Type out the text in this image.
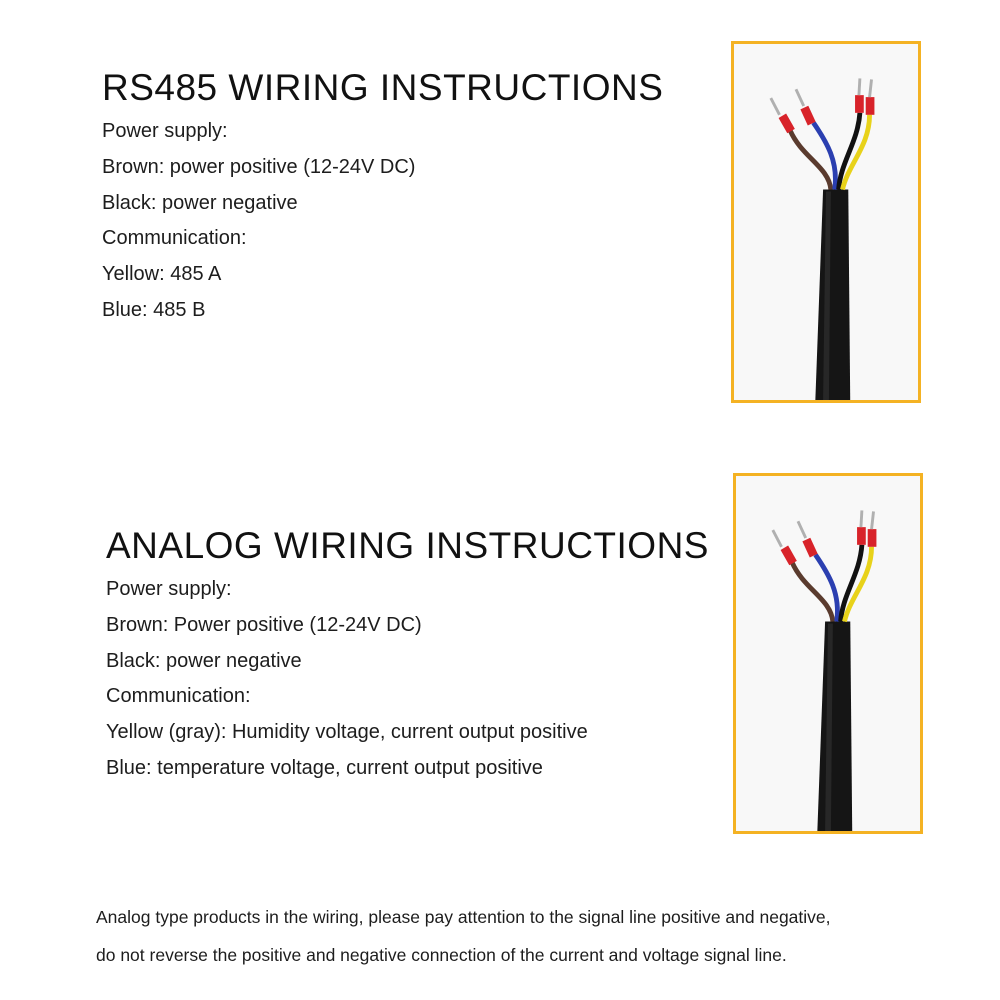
RS485 WIRING INSTRUCTIONS
Power supply:
Brown: power positive (12-24V DC)
Black: power negative
Communication:
Yellow: 485 A
Blue: 485 B
ANALOG WIRING INSTRUCTIONS
Power supply:
Brown: Power positive (12-24V DC)
Black: power negative
Communication:
Yellow (gray): Humidity voltage, current output positive
Blue: temperature voltage, current output positive
Analog type products in the wiring, please pay attention to the signal line positive and negative,
do not reverse the positive and negative connection of the current and voltage signal line.
